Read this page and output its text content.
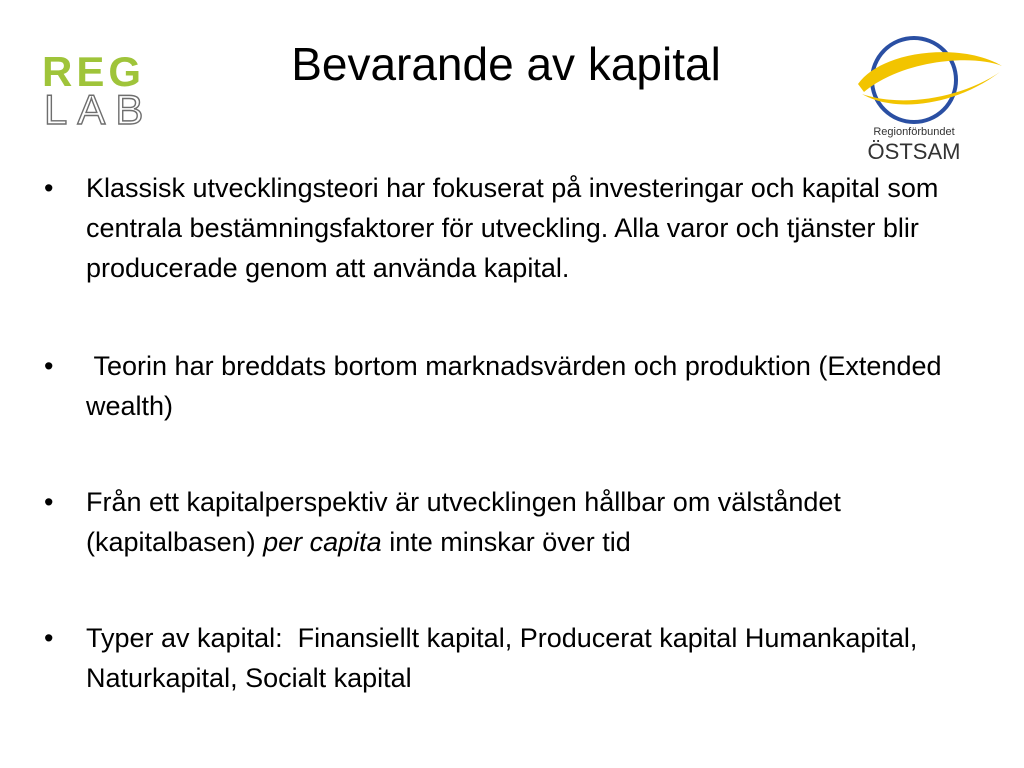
REG
LAB
Bevarande av kapital
Regionförbundet
ÖSTSAM
•	Klassisk utvecklingsteori har fokuserat på investeringar och kapital som centrala bestämningsfaktorer för utveckling. Alla varor och tjänster blir producerade genom att använda kapital.
•	Teorin har breddats bortom marknadsvärden och produktion (Extended wealth)
•	Från ett kapitalperspektiv är utvecklingen hållbar om välståndet (kapitalbasen) per capita inte minskar över tid
•	Typer av kapital:  Finansiellt kapital, Producerat kapital Humankapital, Naturkapital, Socialt kapital
